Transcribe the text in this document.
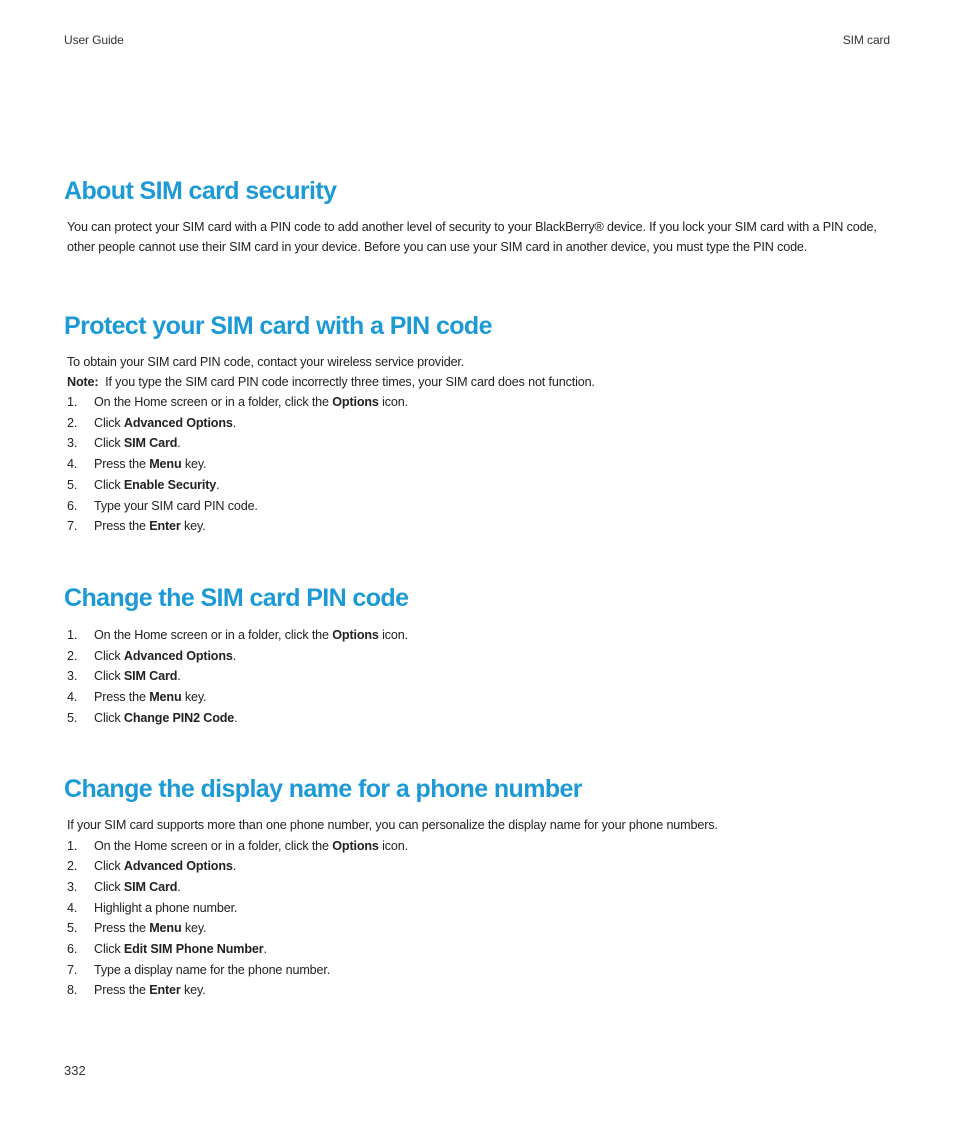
User Guide	SIM card
About SIM card security

You can protect your SIM card with a PIN code to add another level of security to your BlackBerry® device. If you lock your SIM card with a PIN code, other people cannot use their SIM card in your device. Before you can use your SIM card in another device, you must type the PIN code.

Protect your SIM card with a PIN code

To obtain your SIM card PIN code, contact your wireless service provider.

Note: If you type the SIM card PIN code incorrectly three times, your SIM card does not function.

1. On the Home screen or in a folder, click the Options icon.
2. Click Advanced Options.
3. Click SIM Card.
4. Press the Menu key.
5. Click Enable Security.
6. Type your SIM card PIN code.
7. Press the Enter key.
Change the SIM card PIN code
1. On the Home screen or in a folder, click the Options icon.
2. Click Advanced Options.
3. Click SIM Card.
4. Press the Menu key.
5. Click Change PIN2 Code.
Change the display name for a phone number

If your SIM card supports more than one phone number, you can personalize the display name for your phone numbers.

1. On the Home screen or in a folder, click the Options icon.
2. Click Advanced Options.
3. Click SIM Card.
4. Highlight a phone number.
5. Press the Menu key.
6. Click Edit SIM Phone Number.
7. Type a display name for the phone number.
8. Press the Enter key.
332
